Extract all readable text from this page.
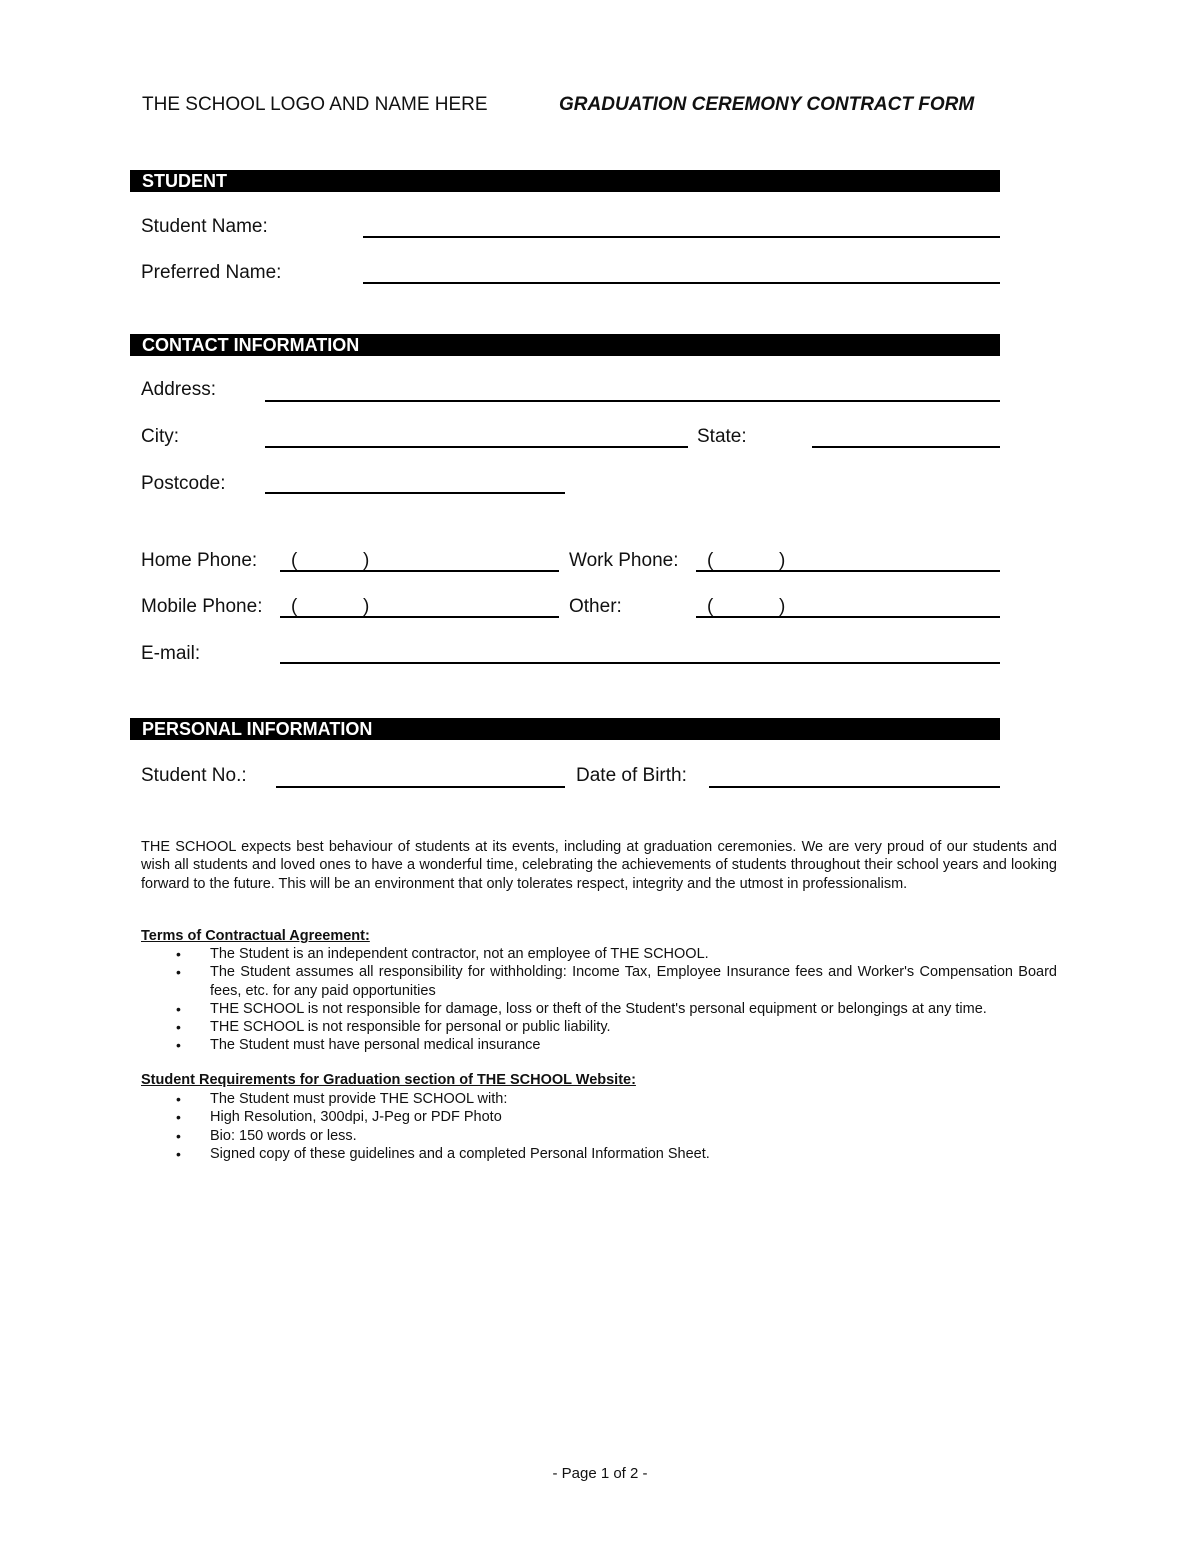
THE SCHOOL LOGO AND NAME HERE	GRADUATION CEREMONY CONTRACT FORM
STUDENT
Student Name:
Preferred Name:
CONTACT INFORMATION
Address:
City:	State:
Postcode:
Home Phone: (	)	Work Phone: (	)
Mobile Phone: (	)	Other:	(	)
E-mail:
PERSONAL INFORMATION
Student No.:	Date of Birth:
THE SCHOOL expects best behaviour of students at its events, including at graduation ceremonies. We are very proud of our students and wish all students and loved ones to have a wonderful time, celebrating the achievements of students throughout their school years and looking forward to the future. This will be an environment that only tolerates respect, integrity and the utmost in professionalism.
Terms of Contractual Agreement:
• The Student is an independent contractor, not an employee of THE SCHOOL.
• The Student assumes all responsibility for withholding: Income Tax, Employee Insurance fees and Worker's Compensation Board fees, etc. for any paid opportunities
• THE SCHOOL is not responsible for damage, loss or theft of the Student's personal equipment or belongings at any time.
• THE SCHOOL is not responsible for personal or public liability.
• The Student must have personal medical insurance
Student Requirements for Graduation section of THE SCHOOL Website:
• The Student must provide THE SCHOOL with:
• High Resolution, 300dpi, J-Peg or PDF Photo
• Bio: 150 words or less.
• Signed copy of these guidelines and a completed Personal Information Sheet.
- Page 1 of 2 -
